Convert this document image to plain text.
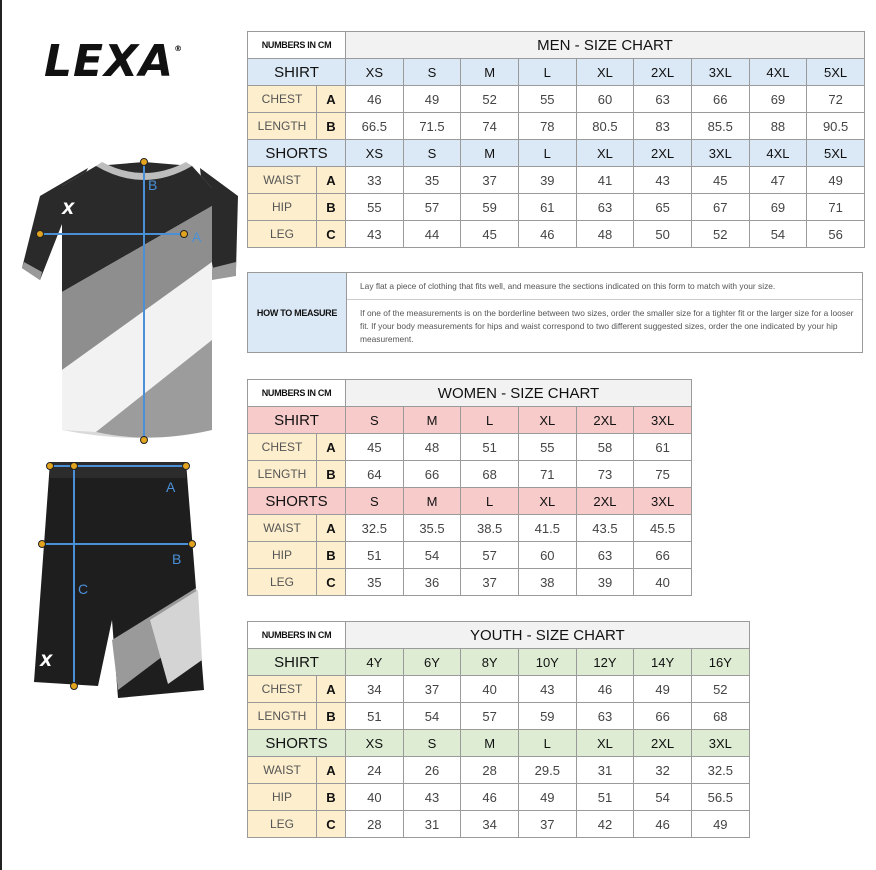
LEXA®
X
A
B
X
A
B
C
NUMBERS IN CM	MEN - SIZE CHART								
SHIRT	XS	S	M	L	XL	2XL	3XL	4XL	5XL

CHEST A	46	49	52	55	60	63	66	69	72

LENGTH B	66.5	71.5	74	78	80.5	83	85.5	88	90.5
SHORTS	XS	S	M	L	XL	2XL	3XL	4XL	5XL

WAIST A	33	35	37	39	41	43	45	47	49

HIP B	55	57	59	61	63	65	67	69	71

LEG C	43	44	45	46	48	50	52	54	56
HOW TO MEASURE
Lay flat a piece of clothing that fits well, and measure the sections indicated on this form to match with your size.
If one of the measurements is on the borderline between two sizes, order the smaller size for a tighter fit or the larger size for a looser fit. If your body measurements for hips and waist correspond to two different suggested sizes, order the one indicated by your hip measurement.
NUMBERS IN CM	WOMEN - SIZE CHART					
SHIRT	S	M	L	XL	2XL	3XL

CHEST A	45	48	51	55	58	61

LENGTH B	64	66	68	71	73	75
SHORTS	S	M	L	XL	2XL	3XL

WAIST A	32.5	35.5	38.5	41.5	43.5	45.5

HIP B	51	54	57	60	63	66

LEG C	35	36	37	38	39	40
NUMBERS IN CM	YOUTH - SIZE CHART						
SHIRT	4Y	6Y	8Y	10Y	12Y	14Y	16Y

CHEST A	34	37	40	43	46	49	52

LENGTH B	51	54	57	59	63	66	68
SHORTS	XS	S	M	L	XL	2XL	3XL

WAIST A	24	26	28	29.5	31	32	32.5

HIP B	40	43	46	49	51	54	56.5

LEG C	28	31	34	37	42	46	49
